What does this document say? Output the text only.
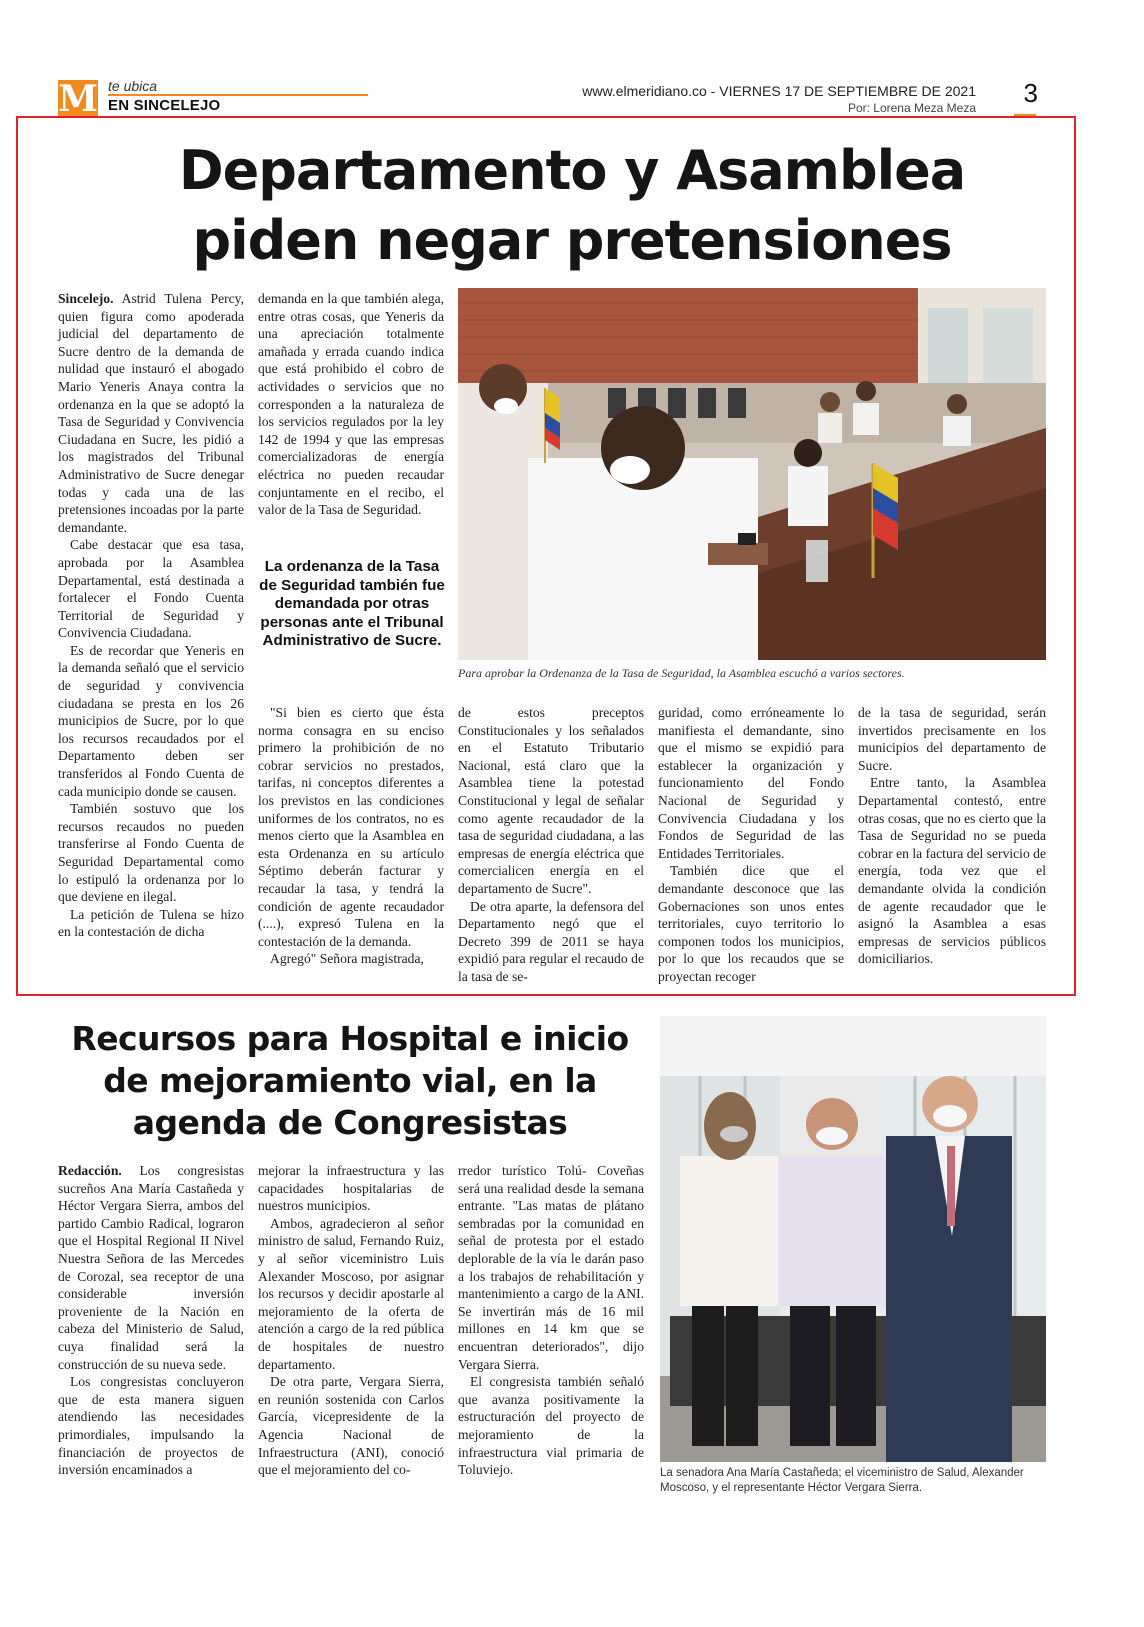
M te ubica
EN SINCELEJO
www.elmeridiano.co - VIERNES 17 DE SEPTIEMBRE DE 2021
Por: Lorena Meza Meza 3
Departamento y Asamblea
piden negar pretensiones

Sincelejo. Astrid Tulena Percy, quien figura como apoderada judicial del departamento de Sucre dentro de la demanda de nulidad que instauró el abogado Mario Yeneris Anaya contra la ordenanza en la que se adoptó la Tasa de Seguridad y Convivencia Ciudadana en Sucre, les pidió a los magistrados del Tribunal Administrativo de Sucre denegar todas y cada una de las pretensiones incoadas por la parte demandante.

Cabe destacar que esa tasa, aprobada por la Asamblea Departamental, está destinada a fortalecer el Fondo Cuenta Territorial de Seguridad y Convivencia Ciudadana.

Es de recordar que Yeneris en la demanda señaló que el servicio de seguridad y convivencia ciudadana se presta en los 26 municipios de Sucre, por lo que los recursos recaudados por el Departamento deben ser transferidos al Fondo Cuenta de cada municipio donde se causen.

También sostuvo que los recursos recaudos no pueden transferirse al Fondo Cuenta de Seguridad Departamental como lo estipuló la ordenanza por lo que deviene en ilegal.

La petición de Tulena se hizo en la contestación de dicha

demanda en la que también alega, entre otras cosas, que Yeneris da una apreciación totalmente amañada y errada cuando indica que está prohibido el cobro de actividades o servicios que no corresponden a la naturaleza de los servicios regulados por la ley 142 de 1994 y que las empresas comercializadoras de energía eléctrica no pueden recaudar conjuntamente en el recibo, el valor de la Tasa de Seguridad.

La ordenanza de la Tasa de Seguridad también fue demandada por otras personas ante el Tribunal Administrativo de Sucre.

"Si bien es cierto que ésta norma consagra en su enciso primero la prohibición de no cobrar servicios no prestados, tarifas, ni conceptos diferentes a los previstos en las condiciones uniformes de los contratos, no es menos cierto que la Asamblea en esta Ordenanza en su artículo Séptimo deberán facturar y recaudar la tasa, y tendrá la condición de agente recaudador (....), expresó Tulena en la contestación de la demanda.

Agregó" Señora magistrada,

Para aprobar la Ordenanza de la Tasa de Seguridad, la Asamblea escuchó a varios sectores.

de estos preceptos Constitucionales y los señalados en el Estatuto Tributario Nacional, está claro que la Asamblea tiene la potestad Constitucional y legal de señalar como agente recaudador de la tasa de seguridad ciudadana, a las empresas de energía eléctrica que comercialicen energía en el departamento de Sucre".

De otra aparte, la defensora del Departamento negó que el Decreto 399 de 2011 se haya expidió para regular el recaudo de la tasa de se-

guridad, como erróneamente lo manifiesta el demandante, sino que el mismo se expidió para establecer la organización y funcionamiento del Fondo Nacional de Seguridad y Convivencia Ciudadana y los Fondos de Seguridad de las Entidades Territoriales.

También dice que el demandante desconoce que las Gobernaciones son unos entes territoriales, cuyo territorio lo componen todos los municipios, por lo que los recaudos que se proyectan recoger

de la tasa de seguridad, serán invertidos precisamente en los municipios del departamento de Sucre.

Entre tanto, la Asamblea Departamental contestó, entre otras cosas, que no es cierto que la Tasa de Seguridad no se pueda cobrar en la factura del servicio de energía, toda vez que el demandante olvida la condición de agente recaudador que le asignó la Asamblea a esas empresas de servicios públicos domiciliarios.

Recursos para Hospital e inicio
de mejoramiento vial, en la
agenda de Congresistas

Redacción. Los congresistas sucreños Ana María Castañeda y Héctor Vergara Sierra, ambos del partido Cambio Radical, lograron que el Hospital Regional II Nivel Nuestra Señora de las Mercedes de Corozal, sea receptor de una considerable inversión proveniente de la Nación en cabeza del Ministerio de Salud, cuya finalidad será la construcción de su nueva sede.

Los congresistas concluyeron que de esta manera siguen atendiendo las necesidades primordiales, impulsando la financiación de proyectos de inversión encaminados a

mejorar la infraestructura y las capacidades hospitalarias de nuestros municipios.

Ambos, agradecieron al señor ministro de salud, Fernando Ruiz, y al señor viceministro Luis Alexander Moscoso, por asignar los recursos y decidir apostarle al mejoramiento de la oferta de atención a cargo de la red pública de hospitales de nuestro departamento.

De otra parte, Vergara Sierra, en reunión sostenida con Carlos García, vicepresidente de la Agencia Nacional de Infraestructura (ANI), conoció que el mejoramiento del co-

rredor turístico Tolú- Coveñas será una realidad desde la semana entrante. "Las matas de plátano sembradas por la comunidad en señal de protesta por el estado deplorable de la vía le darán paso a los trabajos de rehabilitación y mantenimiento a cargo de la ANI. Se invertirán más de 16 mil millones en 14 km que se encuentran deteriorados", dijo Vergara Sierra.

El congresista también señaló que avanza positivamente la estructuración del proyecto de mejoramiento de la infraestructura vial primaria de Toluviejo.	La senadora Ana María Castañeda; el viceministro de Salud, Alexander Moscoso, y el representante Héctor Vergara Sierra.
